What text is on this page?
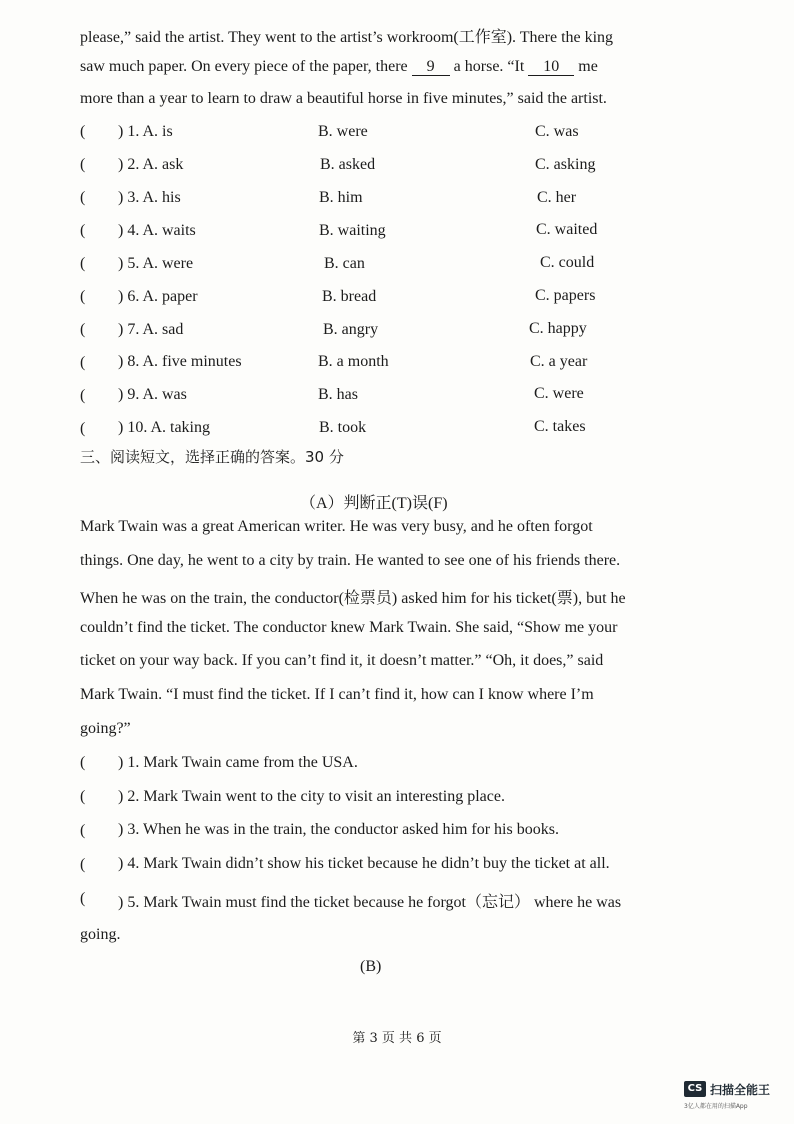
please,” said the artist. They went to the artist’s workroom(工作室). There the king
saw much paper. On every piece of the paper, there 9 a horse. “It 10 me
more than a year to learn to draw a beautiful horse in five minutes,” said the artist.
( ) 1. A. is	B. were	C. was
( ) 2. A. ask	B. asked	C. asking
( ) 3. A. his	B. him	C. her
( ) 4. A. waits	B. waiting	C. waited
( ) 5. A. were	B. can	C. could
( ) 6. A. paper	B. bread	C. papers
( ) 7. A. sad	B. angry	C. happy
( ) 8. A. five minutes	B. a month	C. a year
( ) 9. A. was	B. has	C. were
( ) 10. A. taking	B. took	C. takes
三、阅读短文，选择正确的答案。30 分
（A）判断正(T)误(F)
Mark Twain was a great American writer. He was very busy, and he often forgot
things. One day, he went to a city by train. He wanted to see one of his friends there.
When he was on the train, the conductor(检票员) asked him for his ticket(票), but he
couldn’t find the ticket. The conductor knew Mark Twain. She said, “Show me your
ticket on your way back. If you can’t find it, it doesn’t matter.” “Oh, it does,” said
Mark Twain. “I must find the ticket. If I can’t find it, how can I know where I’m
going?”
( ) 1. Mark Twain came from the USA.
( ) 2. Mark Twain went to the city to visit an interesting place.
( ) 3. When he was in the train, the conductor asked him for his books.
( ) 4. Mark Twain didn’t show his ticket because he didn’t buy the ticket at all.
( ) 5. Mark Twain must find the ticket because he forgot（忘记） where he was
going.
(B)
第 3 页 共 6 页
CS 扫描全能王
3亿人都在用的扫描App
